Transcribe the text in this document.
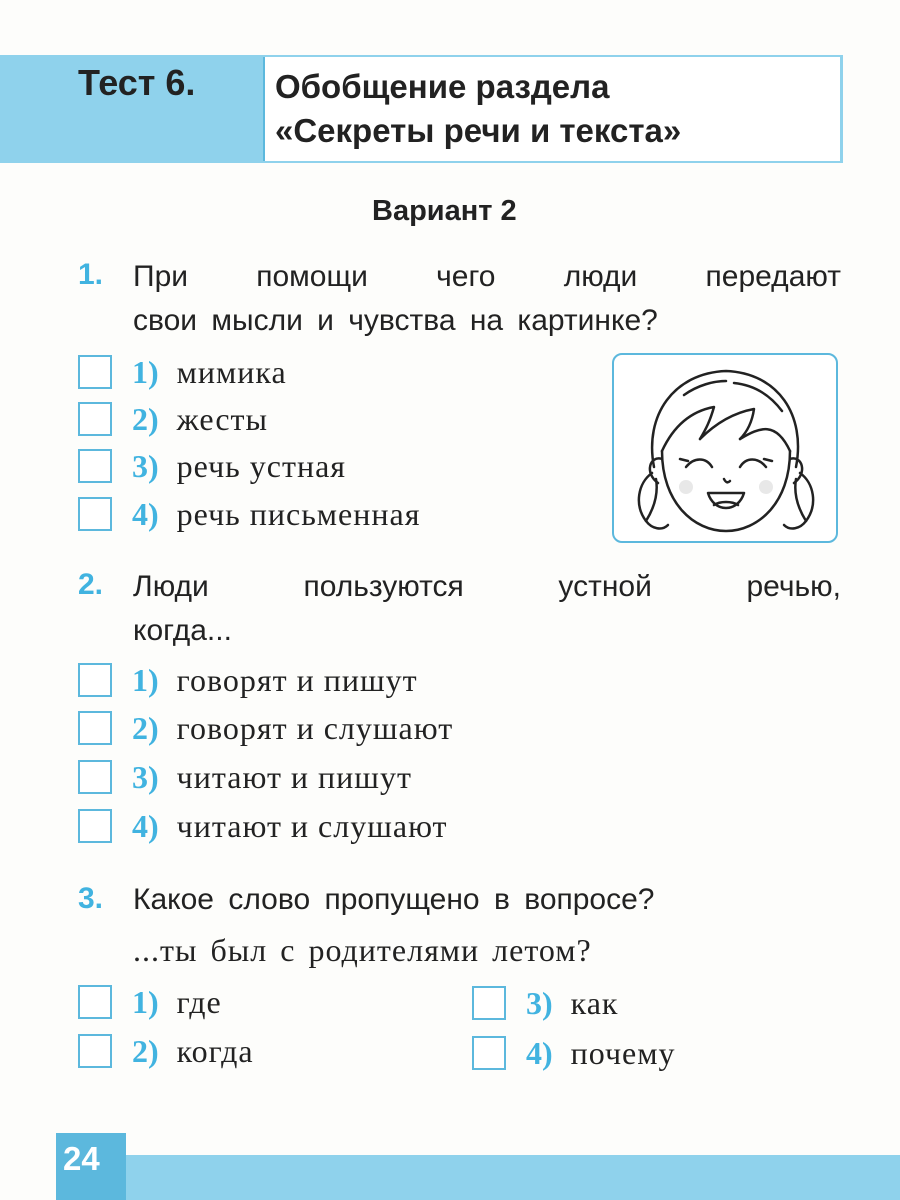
Тест 6. Обобщение раздела
«Секреты речи и текста»
Вариант 2
1. При помощи чего люди передают
свои мысли и чувства на картинке?
1) мимика
2) жесты
3) речь устная
4) речь письменная
2. Люди	пользуются	устной	речью,
когда...
1) говорят и пишут
2) говорят и слушают
3) читают и пишут
4) читают и слушают
3. Какое слово пропущено в вопросе?
...ты был с родителями летом?
1) где
2) когда
3) как
4) почему
24
